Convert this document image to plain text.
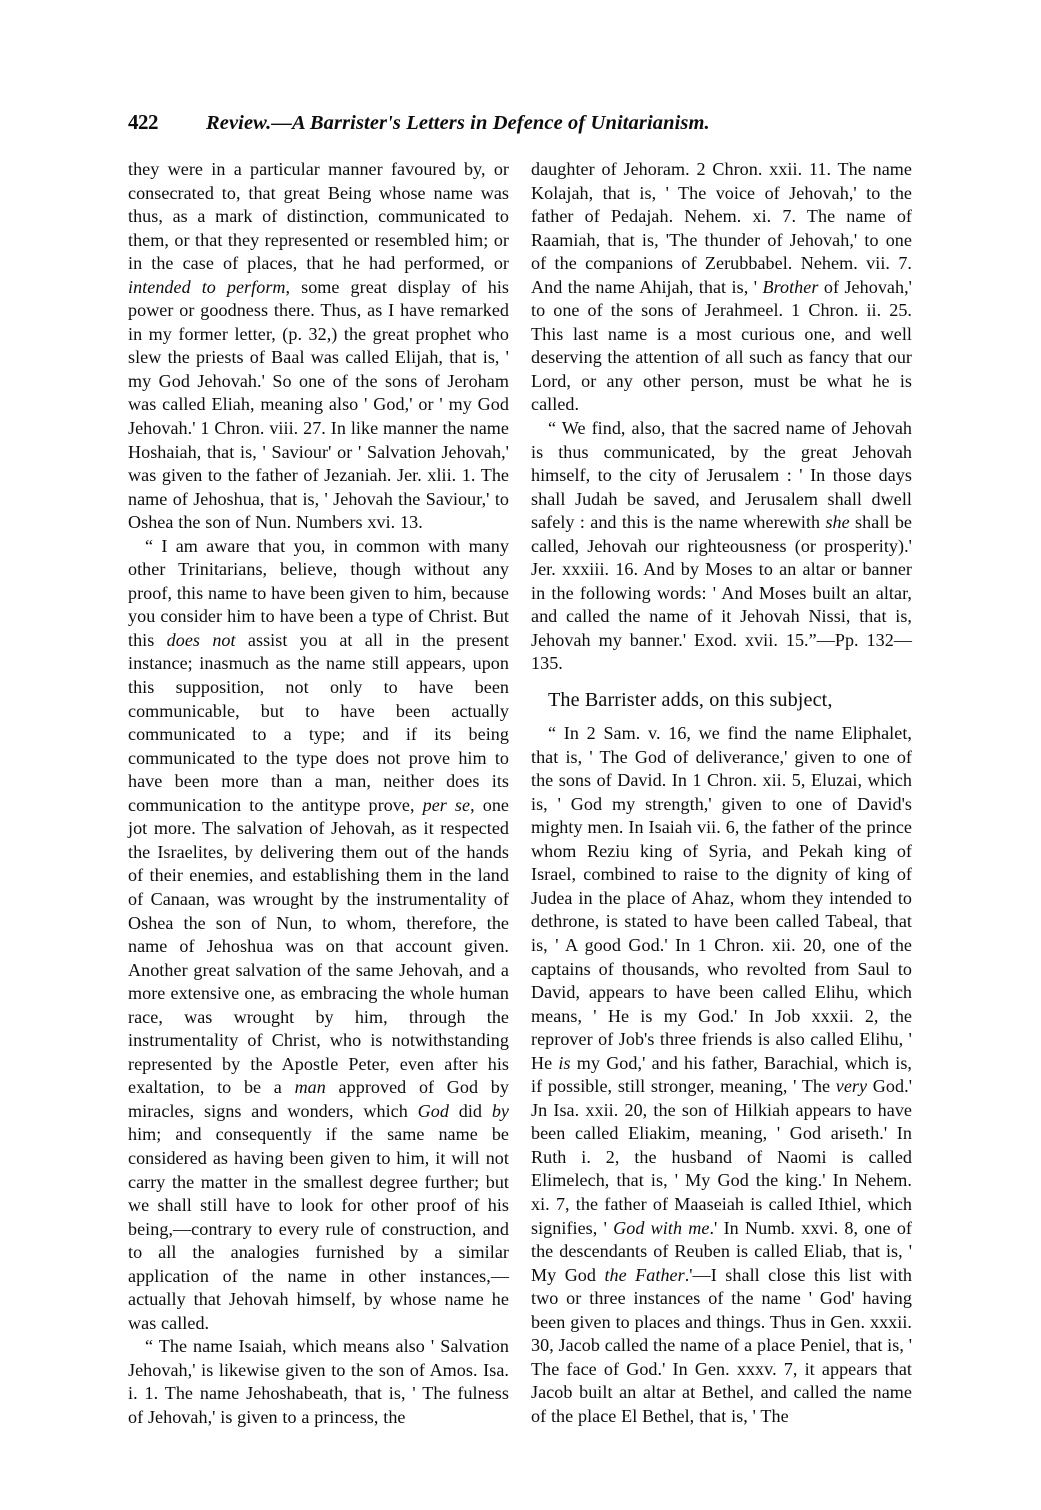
422 Review.—A Barrister's Letters in Defence of Unitarianism.

they were in a particular manner favoured by, or consecrated to, that great Being whose name was thus, as a mark of distinction, communicated to them, or that they represented or resembled him; or in the case of places, that he had performed, or intended to perform, some great display of his power or goodness there. Thus, as I have remarked in my former letter, (p. 32,) the great prophet who slew the priests of Baal was called Elijah, that is, ' my God Jehovah.' So one of the sons of Jeroham was called Eliah, meaning also ' God,' or ' my God Jehovah.' 1 Chron. viii. 27. In like manner the name Hoshaiah, that is, ' Saviour' or ' Salvation Jehovah,' was given to the father of Jezaniah. Jer. xlii. 1. The name of Jehoshua, that is, ' Jehovah the Saviour,' to Oshea the son of Nun. Numbers xvi. 13.

“ I am aware that you, in common with many other Trinitarians, believe, though without any proof, this name to have been given to him, because you consider him to have been a type of Christ. But this does not assist you at all in the present instance; inasmuch as the name still appears, upon this supposition, not only to have been communicable, but to have been actually communicated to a type; and if its being communicated to the type does not prove him to have been more than a man, neither does its communication to the antitype prove, per se, one jot more. The salvation of Jehovah, as it respected the Israelites, by delivering them out of the hands of their enemies, and establishing them in the land of Canaan, was wrought by the instrumentality of Oshea the son of Nun, to whom, therefore, the name of Jehoshua was on that account given. Another great salvation of the same Jehovah, and a more extensive one, as embracing the whole human race, was wrought by him, through the instrumentality of Christ, who is notwithstanding represented by the Apostle Peter, even after his exaltation, to be a man approved of God by miracles, signs and wonders, which God did by him; and consequently if the same name be considered as having been given to him, it will not carry the matter in the smallest degree further; but we shall still have to look for other proof of his being,—contrary to every rule of construction, and to all the analogies furnished by a similar application of the name in other instances,—actually that Jehovah himself, by whose name he was called.

“ The name Isaiah, which means also ' Salvation Jehovah,' is likewise given to the son of Amos. Isa. i. 1. The name Jehoshabeath, that is, ' The fulness of Jehovah,' is given to a princess, the

daughter of Jehoram. 2 Chron. xxii. 11. The name Kolajah, that is, ' The voice of Jehovah,' to the father of Pedajah. Nehem. xi. 7. The name of Raamiah, that is, 'The thunder of Jehovah,' to one of the companions of Zerubbabel. Nehem. vii. 7. And the name Ahijah, that is, ' Brother of Jehovah,' to one of the sons of Jerahmeel. 1 Chron. ii. 25. This last name is a most curious one, and well deserving the attention of all such as fancy that our Lord, or any other person, must be what he is called.

“ We find, also, that the sacred name of Jehovah is thus communicated, by the great Jehovah himself, to the city of Jerusalem : ' In those days shall Judah be saved, and Jerusalem shall dwell safely : and this is the name wherewith she shall be called, Jehovah our righteousness (or prosperity).' Jer. xxxiii. 16. And by Moses to an altar or banner in the following words: ' And Moses built an altar, and called the name of it Jehovah Nissi, that is, Jehovah my banner.' Exod. xvii. 15.”—Pp. 132—135.

The Barrister adds, on this subject,

“ In 2 Sam. v. 16, we find the name Eliphalet, that is, ' The God of deliverance,' given to one of the sons of David. In 1 Chron. xii. 5, Eluzai, which is, ' God my strength,' given to one of David's mighty men. In Isaiah vii. 6, the father of the prince whom Reziu king of Syria, and Pekah king of Israel, combined to raise to the dignity of king of Judea in the place of Ahaz, whom they intended to dethrone, is stated to have been called Tabeal, that is, ' A good God.' In 1 Chron. xii. 20, one of the captains of thousands, who revolted from Saul to David, appears to have been called Elihu, which means, ' He is my God.' In Job xxxii. 2, the reprover of Job's three friends is also called Elihu, ' He is my God,' and his father, Barachial, which is, if possible, still stronger, meaning, ' The very God.' Jn Isa. xxii. 20, the son of Hilkiah appears to have been called Eliakim, meaning, ' God ariseth.' In Ruth i. 2, the husband of Naomi is called Elimelech, that is, ' My God the king.' In Nehem. xi. 7, the father of Maaseiah is called Ithiel, which signifies, ' God with me.' In Numb. xxvi. 8, one of the descendants of Reuben is called Eliab, that is, ' My God the Father.'—I shall close this list with two or three instances of the name ' God' having been given to places and things. Thus in Gen. xxxii. 30, Jacob called the name of a place Peniel, that is, ' The face of God.' In Gen. xxxv. 7, it appears that Jacob built an altar at Bethel, and called the name of the place El Bethel, that is, ' The
